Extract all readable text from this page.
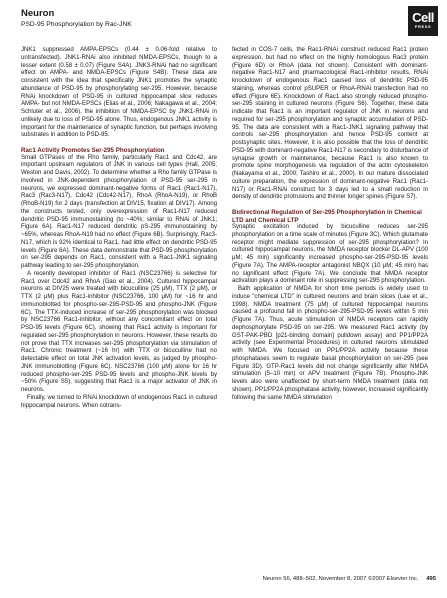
Neuron
PSD-95 Phosphorylation by Rac-JNK	Cell
PRESS

JNK1 suppressed AMPA-EPSCs (0.44 ± 0.06-fold relative to untransfected). JNK1-RNAi also inhibited NMDA-EPSCs, though to a lesser extent (0.58 ± 0.07) (Figure S4A). JNK3-RNAi had no significant effect on AMPA- and NMDA-EPSCs (Figure S4B). These data are consistent with the idea that specifically JNK1 promotes the synaptic abundance of PSD-95 by phosphorylating ser-295. However, because RNAi knockdown of PSD-95 in cultured hippocampal slice reduces AMPA- but not NMDA-EPSCs (Elias et al., 2006; Nakagawa et al., 2004; Schluter et al., 2006), the inhibition of NMDA-EPSC by JNK1-RNAi in unlikely due to loss of PSD-95 alone. Thus, endogenous JNK1 activity is important for the maintenance of synaptic function, but perhaps involving substrates in addition to PSD-95.

Rac1 Activity Promotes Ser-295 Phosphorylation

Small GTPases of the Rho family, particularly Rac1 and Cdc42, are important upstream regulators of JNK in various cell types (Hall, 2005; Weston and Davis, 2002). To determine whether a Rho family GTPase is involved in JNK-dependent phosphorylation of PSD-95 ser-295 in neurons, we expressed dominant-negative forms of Rac1 (Rac1-N17), Rac3 (Rac3-N17), Cdc42 (Cdc42-N17), RhoA (RhoA-N19), or RhoB (RhoB-N19) for 2 days (transfection at DIV15, fixation at DIV17). Among the constructs tested, only overexpression of Rac1-N17 reduced dendritic PSD-95 immunostaining (to ~40%; similar to RNAi of JNK1; Figure 6A). Rac1-N17 reduced dendritic pS-295 immunostaining by ~65%, whereas RhoA-N19 had no effect (Figure 6B). Surprisingly, Rac3-N17, which is 92% identical to Rac1, had little effect on dendritic PSD-95 levels (Figure 6A). These data demonstrate that PSD-95 phosphorylation on ser-295 depends on Rac1, consistent with a Rac1-JNK1 signaling pathway leading to ser-295 phosphorylation.

A recently developed inhibitor of Rac1 (NSC23766) is selective for Rac1 over Cdc42 and RhoA (Gao et al., 2004). Cultured hippocampal neurons at DIV25 were treated with bicuculline (25 μM), TTX (2 μM), or TTX (2 μM) plus Rac1-inhibitor (NSC23766, 100 μM) for ~16 hr and immunoblotted for phospho-ser-295-PSD-95 and phospho-JNK (Figure 6C). The TTX-induced increase of ser-295 phosphorylation was blocked by NSC23766 Rac1-inhibitor, without any concomitant effect on total PSD-95 levels (Figure 6C), showing that Rac1 activity is important for regulated ser-295 phosphorylation in neurons. However, these results do not prove that TTX increases ser-295 phosphorylation via stimulation of Rac1. Chronic treatment (~16 hr) with TTX or bicuculline had no detectable effect on total JNK activation levels, as judged by phospho-JNK immunoblotting (Figure 6C). NSC23766 (100 μM) alone for 16 hr reduced phospho-ser-295 PSD-95 levels and phospho-JNK levels by ~50% (Figure S5), suggesting that Rac1 is a major activator of JNK in neurons.

Finally, we turned to RNAi knockdown of endogenous Rac1 in cultured hippocampal neurons. When cotrans-

fected in COS-7 cells, the Rac1-RNAi construct reduced Rac1 protein expression, but had no effect on the highly homologous Rac3 protein (Figure 6D) or RhoA (data not shown). Consistent with dominant-negative Rac1-N17 and pharmacological Rac1-inhibitor results, RNAi knockdown of endogenous Rac1 caused loss of dendritic PSD-95 staining, whereas control pSUPER or RhoA-RNAi transfection had no effect (Figure 6E). Knockdown of Rac1 also strongly reduced phospho-ser-295 staining in cultured neurons (Figure S6). Together, these data indicate that Rac1 is an important regulator of JNK in neurons and required for ser-295 phosphorylation and synaptic accumulation of PSD-95. The data are consistent with a Rac1-JNK1 signaling pathway that controls ser-295 phosphorylation and hence PSD-95 content at postsynaptic sites. However, it is also possible that the loss of dendritic PSD-95 with dominant-negative Rac1-N17 is secondary to disturbance of synapse growth or maintenance, because Rac1 is also known to promote spine morphogenesis via regulation of the actin cytoskeleton (Nakayama et al., 2000; Tashiro et al., 2000). In our mature dissociated culture preparation, the expression of dominant-negative Rac1 (Rac1-N17) or Rac1-RNAi construct for 3 days led to a small reduction in density of dendritic protrusions and thinner longer spines (Figure S7).

Bidirectional Regulation of Ser-295 Phosphorylation in Chemical LTD and Chemical LTP

Synaptic excitation induced by bicuculline reduces ser-295 phosphorylation on a time scale of minutes (Figure 3C). Which glutamate receptor might mediate suppression of ser-295 phosphorylation? In cultured hippocampal neurons, the NMDA receptor blocker DL-APV (100 μM; 45 min) significantly increased phospho-ser-295-PSD-95 levels (Figure 7A). The AMPA-receptor antagonist NBQX (10 μM; 45 min) has no significant effect (Figure 7A). We conclude that NMDA receptor activation plays a dominant role in suppressing ser-295 phosphorylation.

Bath application of NMDA for short time periods is widely used to induce "chemical LTD" in cultured neurons and brain slices (Lee et al., 1998). NMDA treatment (75 μM) of cultured hippocampal neurons caused a profound fall in phospho-ser-295-PSD-95 levels within 5 min (Figure 7A). Thus, acute stimulation of NMDA receptors can rapidly dephosphorylate PSD-95 on ser-295. We measured Rac1 activity (by GST-PAK-PBD [p21-binding domain] pulldown assay) and PP1/PP2A activity (see Experimental Procedures) in cultured neurons stimulated with NMDA. We focused on PP1/PP2A activity because these phosphatases seem to regulate basal phosphorylation on ser-295 (see Figure 3D). GTP-Rac1 levels did not change significantly after NMDA stimulation (5–10 min) or APV treatment (Figure 7B). Phospho-JNK levels also were unaffected by short-term NMDA treatment (data not shown). PP1/PP2A phosphatase activity, however, increased significantly following the same NMDA stimulation

Neuron 56, 488–502, November 8, 2007 ©2007 Elsevier Inc. 495
